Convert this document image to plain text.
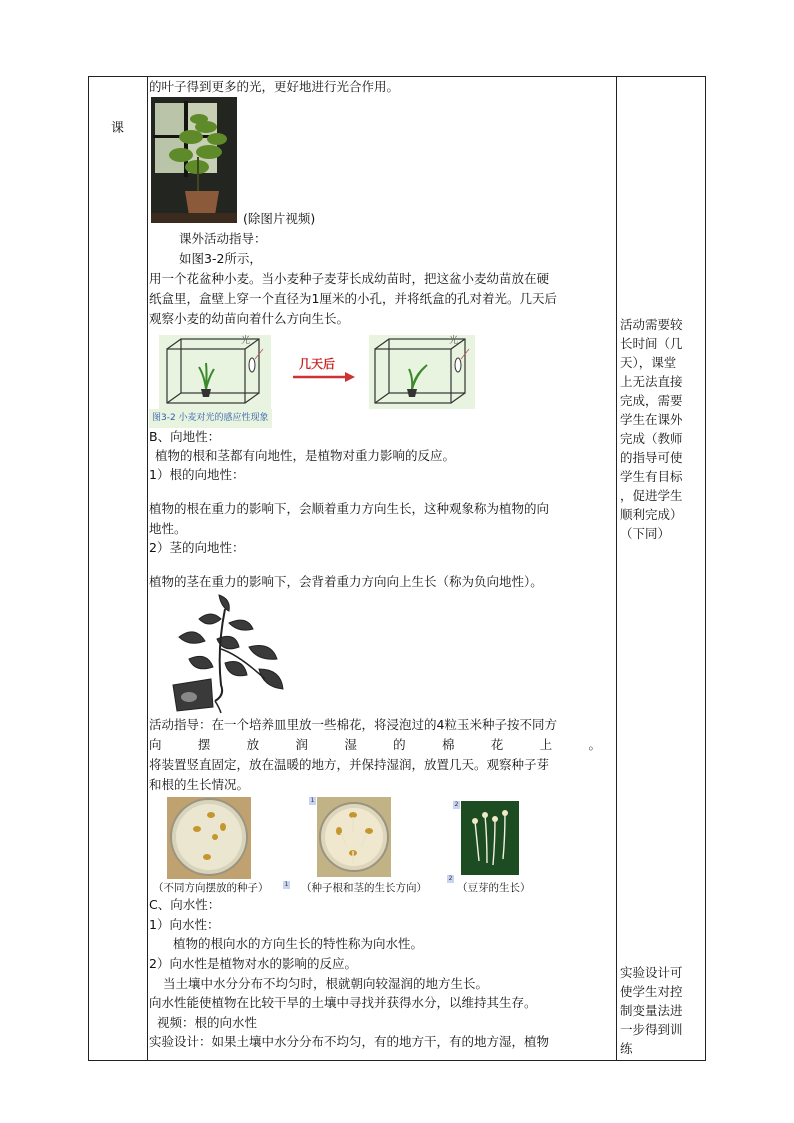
课
的叶子得到更多的光，更好地进行光合作用。
(除图片视频)
课外活动指导：
如图3-2所示，
用一个花盆种小麦。当小麦种子麦芽长成幼苗时，把这盆小麦幼苗放在硬
纸盒里，盒壁上穿一个直径为1厘米的小孔，并将纸盒的孔对着光。几天后
观察小麦的幼苗向着什么方向生长。
光
图3-2 小麦对光的感应性现象
几天后
光
B、向地性：
植物的根和茎都有向地性，是植物对重力影响的反应。
1）根的向地性：
植物的根在重力的影响下，会顺着重力方向生长，这种观象称为植物的向
地性。
2）茎的向地性：
植物的茎在重力的影响下，会背着重力方向向上生长（称为负向地性）。
活动指导：在一个培养皿里放一些棉花，将浸泡过的4粒玉米种子按不同方
向	摆	放	润	湿	的	棉	花	上	。
将装置竖直固定，放在温暖的地方，并保持湿润，放置几天。观察种子芽
和根的生长情况。
（不同方向摆放的种子）	1
1
（种子根和茎的生长方向）
2
2
（豆芽的生长）
C、向水性：
1）向水性：
植物的根向水的方向生长的特性称为向水性。
2）向水性是植物对水的影响的反应。
当土壤中水分分布不均匀时，根就朝向较湿润的地方生长。
向水性能使植物在比较干旱的土壤中寻找并获得水分，以维持其生存。
视频：根的向水性
实验设计：如果土壤中水分分布不均匀，有的地方干，有的地方湿，植物
活动需要较
长时间（几
天），课堂
上无法直接
完成，需要
学生在课外
完成（教师
的指导可使
学生有目标
，促进学生
顺利完成）
（下同）
实验设计可
使学生对控
制变量法进
一步得到训
练
